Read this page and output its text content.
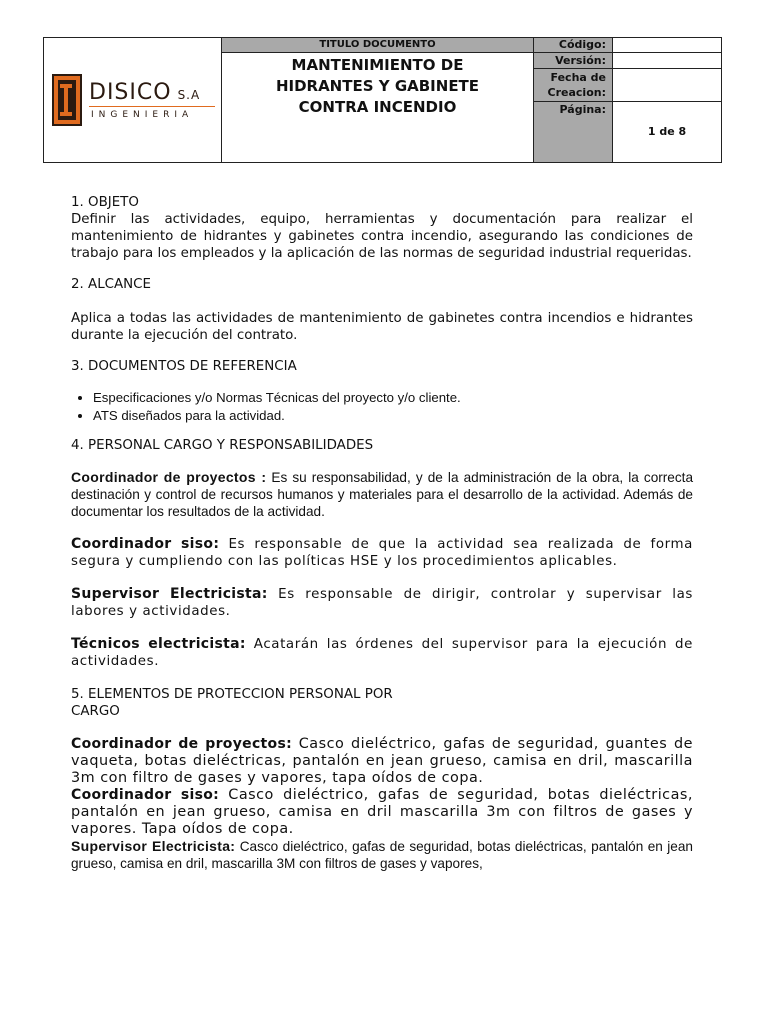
DISICO S.A
INGENIERIA
TITULO DOCUMENTO
MANTENIMIENTO DE
HIDRANTES Y GABINETE
CONTRA INCENDIO
Código:
Versión:
Fecha de
Creacion:
Página:
1 de 8
1. OBJETO

Definir las actividades, equipo, herramientas y documentación para realizar el mantenimiento de hidrantes y gabinetes contra incendio, asegurando las condiciones de trabajo para los empleados y la aplicación de las normas de seguridad industrial requeridas.

2. ALCANCE

Aplica a todas las actividades de mantenimiento de gabinetes contra incendios e hidrantes durante la ejecución del contrato.

3. DOCUMENTOS DE REFERENCIA
• Especificaciones y/o Normas Técnicas del proyecto y/o cliente.
• ATS diseñados para la actividad.
4. PERSONAL CARGO Y RESPONSABILIDADES

Coordinador de proyectos : Es su responsabilidad, y de la administración de la obra, la correcta destinación y control de recursos humanos y materiales para el desarrollo de la actividad. Además de documentar los resultados de la actividad.

Coordinador siso: Es responsable de que la actividad sea realizada de forma segura y cumpliendo con las políticas HSE y los procedimientos aplicables.

Supervisor Electricista: Es responsable de dirigir, controlar y supervisar las labores y actividades.

Técnicos electricista: Acatarán las órdenes del supervisor para la ejecución de actividades.

5. ELEMENTOS DE PROTECCION PERSONAL POR
CARGO

Coordinador de proyectos: Casco dieléctrico, gafas de seguridad, guantes de vaqueta, botas dieléctricas, pantalón en jean grueso, camisa en dril, mascarilla 3m con filtro de gases y vapores, tapa oídos de copa.

Coordinador siso: Casco dieléctrico, gafas de seguridad, botas dieléctricas, pantalón en jean grueso, camisa en dril mascarilla 3m con filtros de gases y vapores. Tapa oídos de copa.

Supervisor Electricista: Casco dieléctrico, gafas de seguridad, botas dieléctricas, pantalón en jean grueso, camisa en dril, mascarilla 3M con filtros de gases y vapores,
